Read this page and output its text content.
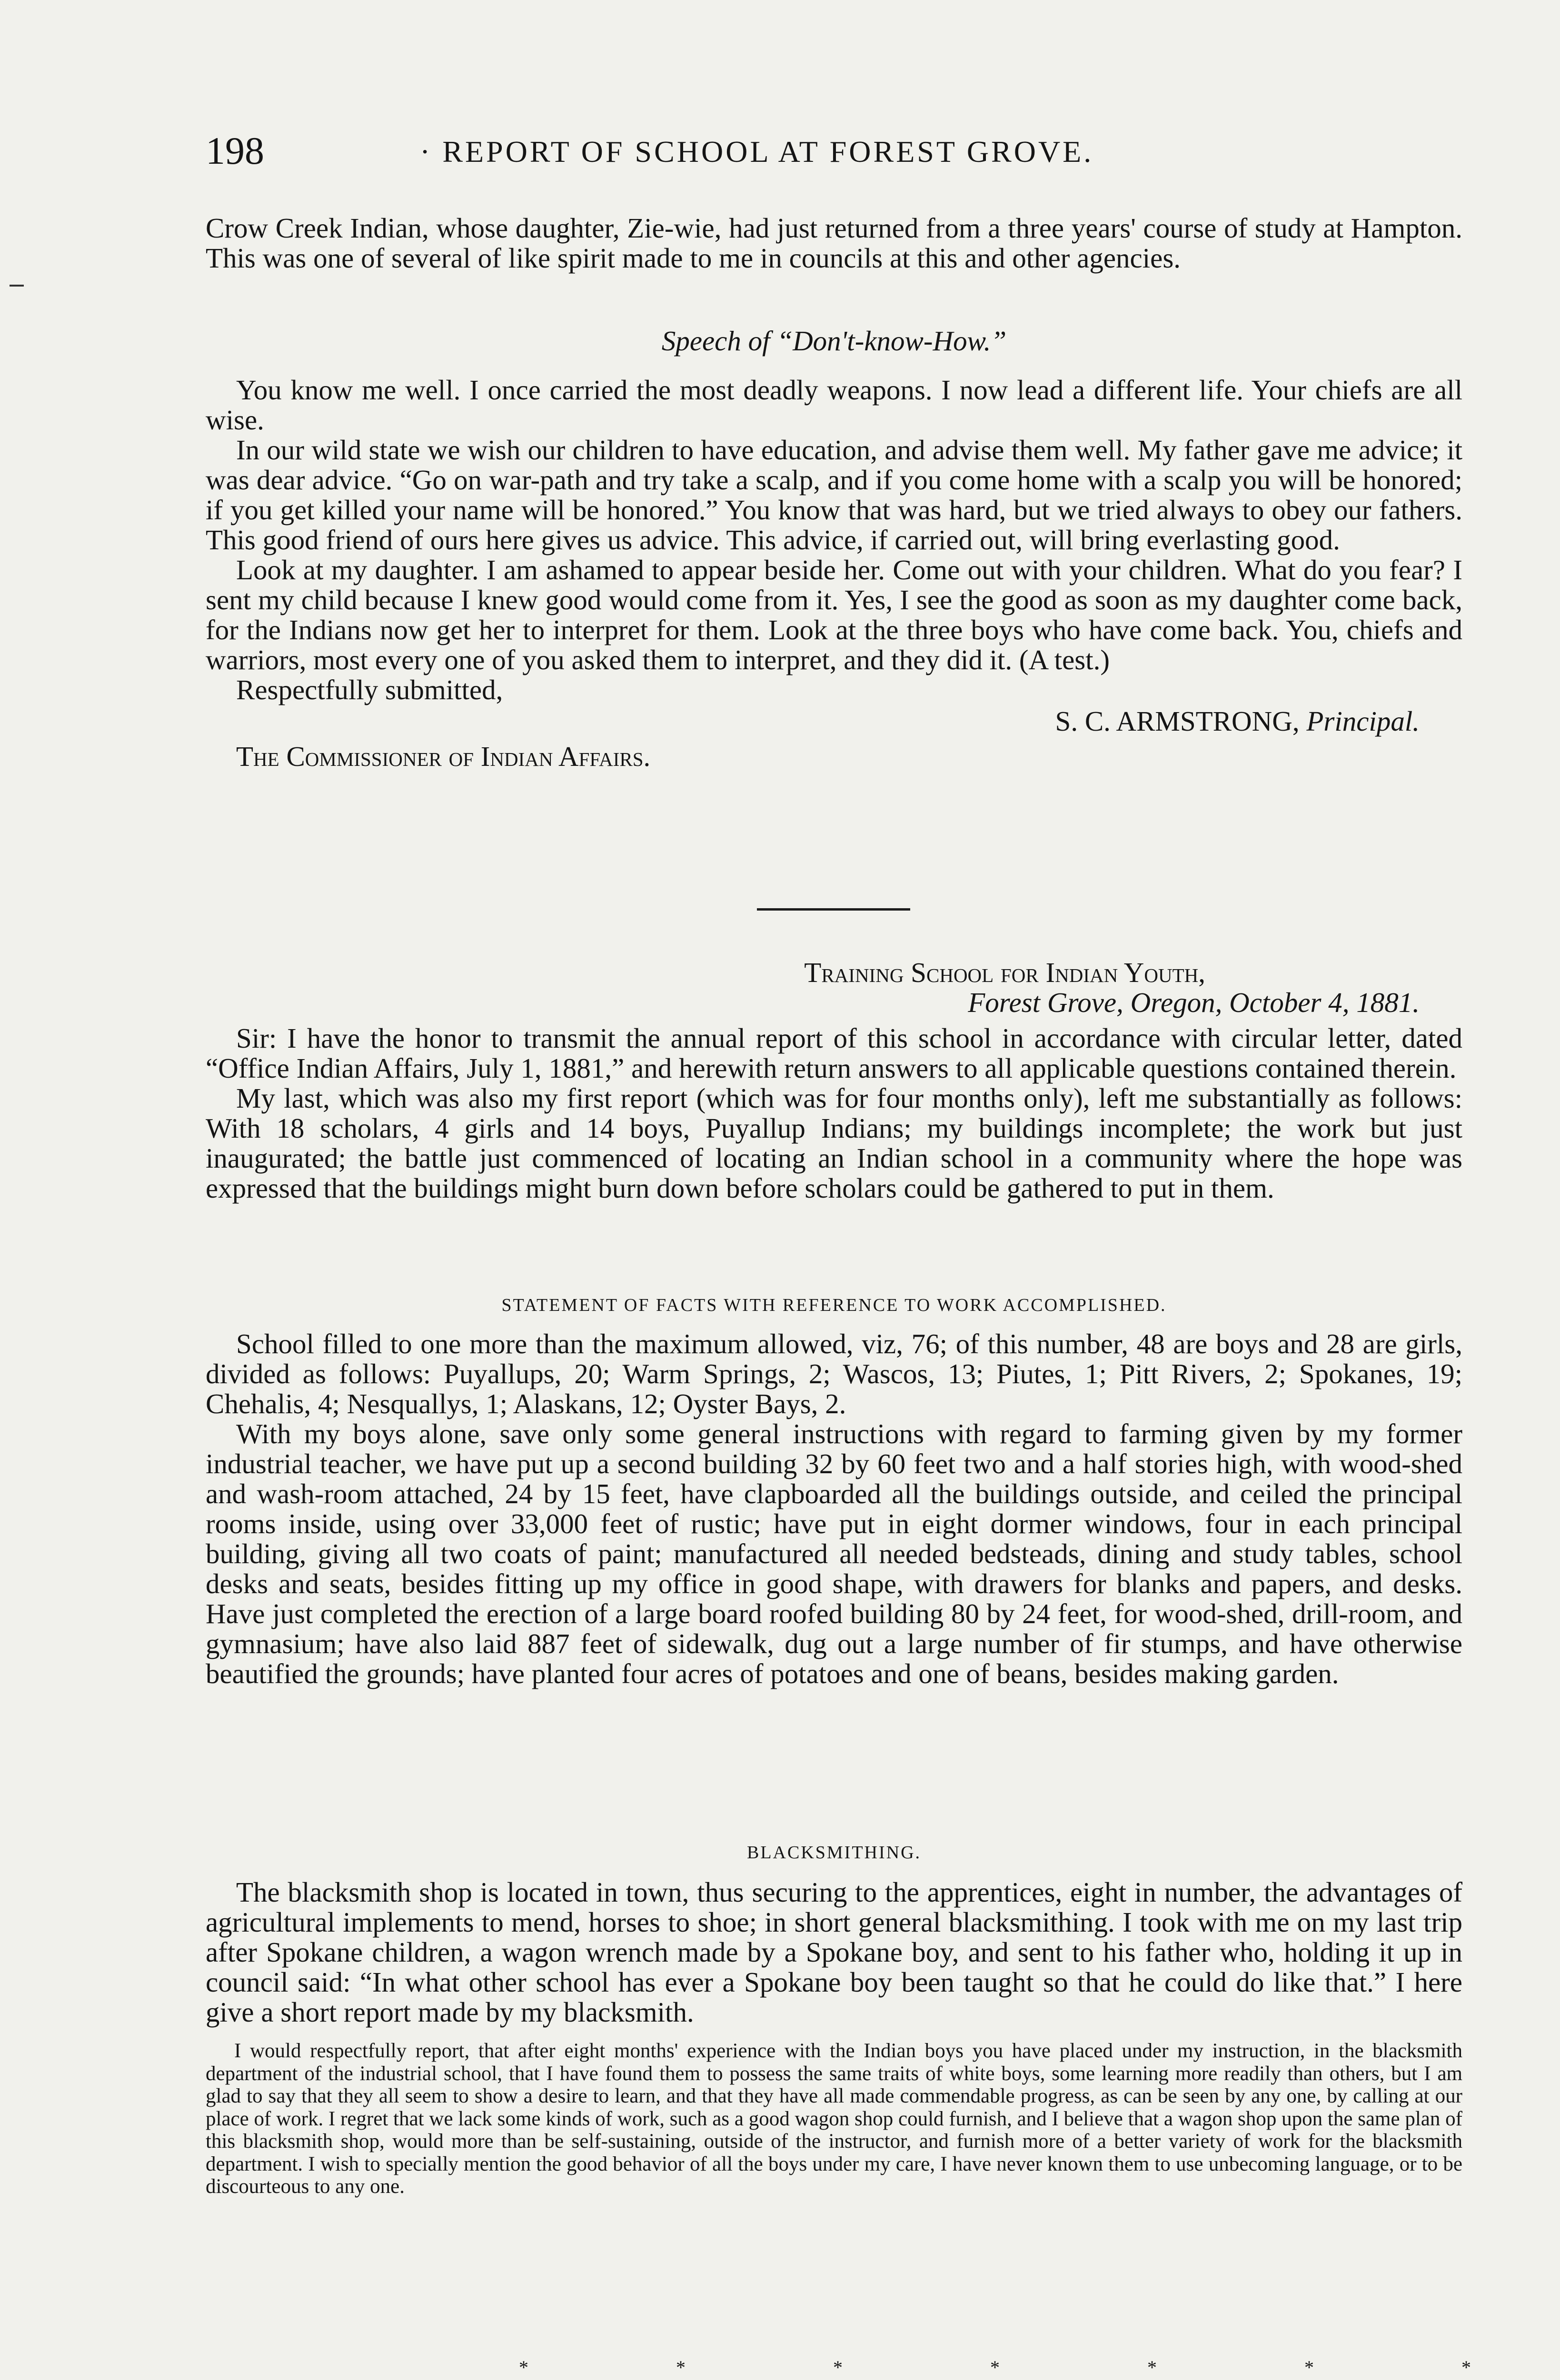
198	· REPORT OF SCHOOL AT FOREST GROVE.

Crow Creek Indian, whose daughter, Zie-wie, had just returned from a three years' course of study at Hampton. This was one of several of like spirit made to me in councils at this and other agencies.

Speech of “Don't-know-How.”

You know me well. I once carried the most deadly weapons. I now lead a different life. Your chiefs are all wise.

In our wild state we wish our children to have education, and advise them well. My father gave me advice; it was dear advice. “Go on war-path and try take a scalp, and if you come home with a scalp you will be honored; if you get killed your name will be honored.” You know that was hard, but we tried always to obey our fathers. This good friend of ours here gives us advice. This advice, if carried out, will bring everlasting good.

Look at my daughter. I am ashamed to appear beside her. Come out with your children. What do you fear? I sent my child because I knew good would come from it. Yes, I see the good as soon as my daughter come back, for the Indians now get her to interpret for them. Look at the three boys who have come back. You, chiefs and warriors, most every one of you asked them to interpret, and they did it. (A test.)

Respectfully submitted,

S. C. ARMSTRONG, Principal.

The Commissioner of Indian Affairs.

Training School for Indian Youth,

Forest Grove, Oregon, October 4, 1881.

Sir: I have the honor to transmit the annual report of this school in accordance with circular letter, dated “Office Indian Affairs, July 1, 1881,” and herewith return answers to all applicable questions contained therein.

My last, which was also my first report (which was for four months only), left me substantially as follows: With 18 scholars, 4 girls and 14 boys, Puyallup Indians; my buildings incomplete; the work but just inaugurated; the battle just commenced of locating an Indian school in a community where the hope was expressed that the buildings might burn down before scholars could be gathered to put in them.

STATEMENT OF FACTS WITH REFERENCE TO WORK ACCOMPLISHED.

School filled to one more than the maximum allowed, viz, 76; of this number, 48 are boys and 28 are girls, divided as follows: Puyallups, 20; Warm Springs, 2; Wascos, 13; Piutes, 1; Pitt Rivers, 2; Spokanes, 19; Chehalis, 4; Nesquallys, 1; Alaskans, 12; Oyster Bays, 2.

With my boys alone, save only some general instructions with regard to farming given by my former industrial teacher, we have put up a second building 32 by 60 feet two and a half stories high, with wood-shed and wash-room attached, 24 by 15 feet, have clapboarded all the buildings outside, and ceiled the principal rooms inside, using over 33,000 feet of rustic; have put in eight dormer windows, four in each principal building, giving all two coats of paint; manufactured all needed bedsteads, dining and study tables, school desks and seats, besides fitting up my office in good shape, with drawers for blanks and papers, and desks. Have just completed the erection of a large board roofed building 80 by 24 feet, for wood-shed, drill-room, and gymnasium; have also laid 887 feet of sidewalk, dug out a large number of fir stumps, and have otherwise beautified the grounds; have planted four acres of potatoes and one of beans, besides making garden.

BLACKSMITHING.

The blacksmith shop is located in town, thus securing to the apprentices, eight in number, the advantages of agricultural implements to mend, horses to shoe; in short general blacksmithing. I took with me on my last trip after Spokane children, a wagon wrench made by a Spokane boy, and sent to his father who, holding it up in council said: “In what other school has ever a Spokane boy been taught so that he could do like that.” I here give a short report made by my blacksmith.

I would respectfully report, that after eight months' experience with the Indian boys you have placed under my instruction, in the blacksmith department of the industrial school, that I have found them to possess the same traits of white boys, some learning more readily than others, but I am glad to say that they all seem to show a desire to learn, and that they have all made commendable progress, as can be seen by any one, by calling at our place of work. I regret that we lack some kinds of work, such as a good wagon shop could furnish, and I believe that a wagon shop upon the same plan of this blacksmith shop, would more than be self-sustaining, outside of the instructor, and furnish more of a better variety of work for the blacksmith department. I wish to specially mention the good behavior of all the boys under my care, I have never known them to use unbecoming language, or to be discourteous to any one.

* * * * * * *
